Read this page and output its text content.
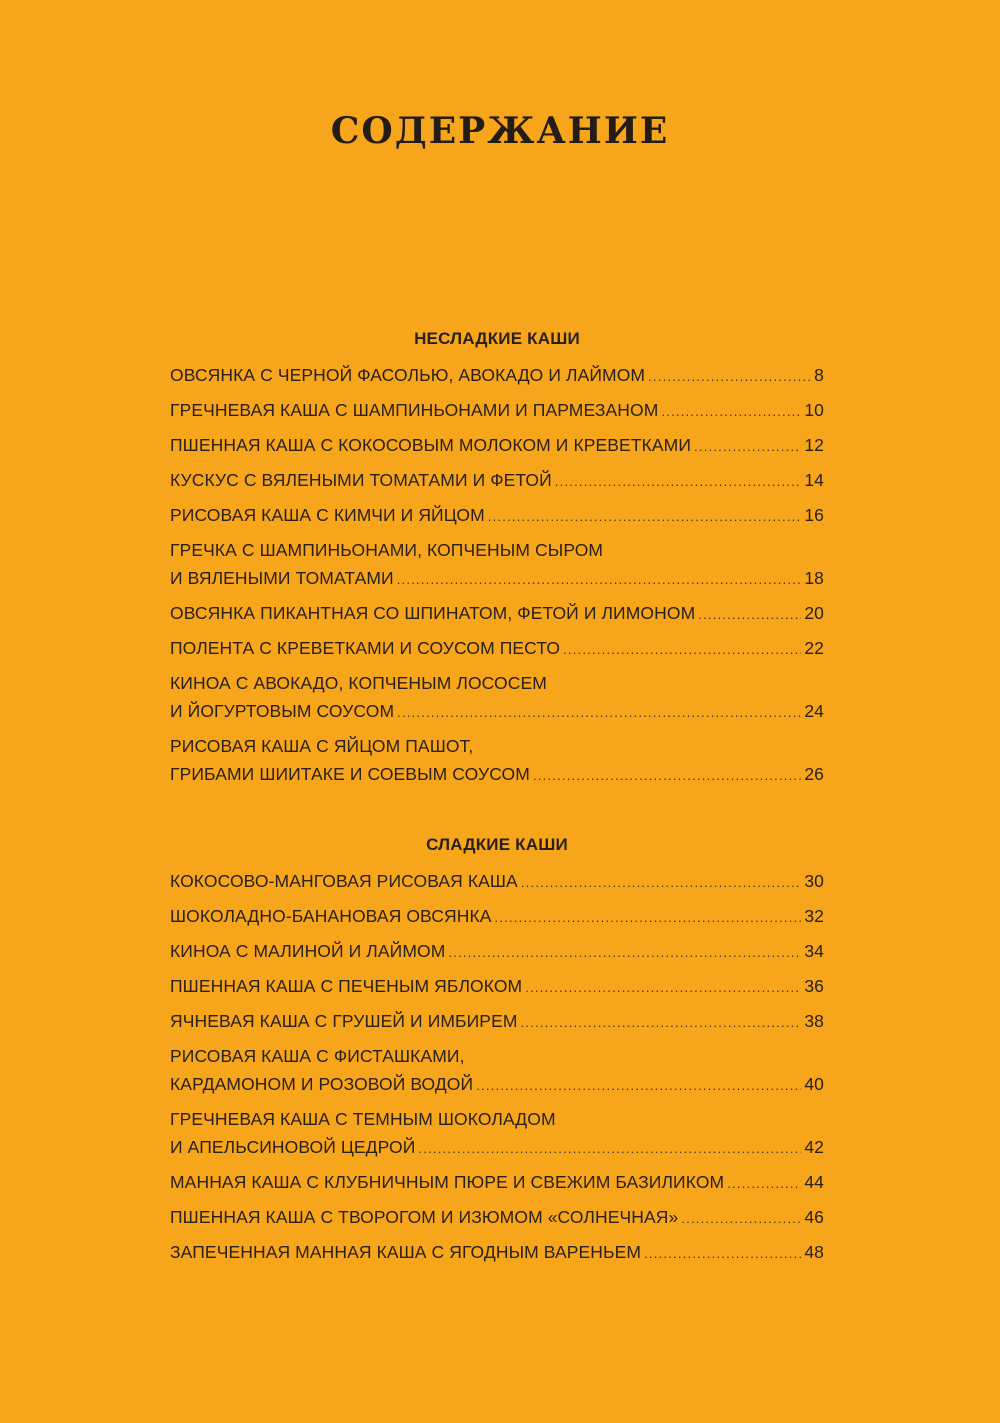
СОДЕРЖАНИЕ
НЕСЛАДКИЕ КАШИ
ОВСЯНКА С ЧЕРНОЙ ФАСОЛЬЮ, АВОКАДО И ЛАЙМОМ . . .	8
ГРЕЧНЕВАЯ КАША С ШАМПИНЬОНАМИ И ПАРМЕЗАНОМ . . .	10
ПШЕННАЯ КАША С КОКОСОВЫМ МОЛОКОМ И КРЕВЕТКАМИ . . .	12
КУСКУС С ВЯЛЕНЫМИ ТОМАТАМИ И ФЕТОЙ . . .	14
РИСОВАЯ КАША С КИМЧИ И ЯЙЦОМ . . .	16
ГРЕЧКА С ШАМПИНЬОНАМИ, КОПЧЕНЫМ СЫРОМ
И ВЯЛЕНЫМИ ТОМАТАМИ . . .	18
ОВСЯНКА ПИКАНТНАЯ СО ШПИНАТОМ, ФЕТОЙ И ЛИМОНОМ . . .	20
ПОЛЕНТА С КРЕВЕТКАМИ И СОУСОМ ПЕСТО . . .	22
КИНОА С АВОКАДО, КОПЧЕНЫМ ЛОСОСЕМ
И ЙОГУРТОВЫМ СОУСОМ . . .	24
РИСОВАЯ КАША С ЯЙЦОМ ПАШОТ,
ГРИБАМИ ШИИТАКЕ И СОЕВЫМ СОУСОМ . . .	26
СЛАДКИЕ КАШИ
КОКОСОВО-МАНГОВАЯ РИСОВАЯ КАША . . .	30
ШОКОЛАДНО-БАНАНОВАЯ ОВСЯНКА . . .	32
КИНОА С МАЛИНОЙ И ЛАЙМОМ . . .	34
ПШЕННАЯ КАША С ПЕЧЕНЫМ ЯБЛОКОМ . . .	36
ЯЧНЕВАЯ КАША С ГРУШЕЙ И ИМБИРЕМ . . .	38
РИСОВАЯ КАША С ФИСТАШКАМИ,
КАРДАМОНОМ И РОЗОВОЙ ВОДОЙ . . .	40
ГРЕЧНЕВАЯ КАША С ТЕМНЫМ ШОКОЛАДОМ
И АПЕЛЬСИНОВОЙ ЦЕДРОЙ . . .	42
МАННАЯ КАША С КЛУБНИЧНЫМ ПЮРЕ И СВЕЖИМ БАЗИЛИКОМ . . .	44
ПШЕННАЯ КАША С ТВОРОГОМ И ИЗЮМОМ «СОЛНЕЧНАЯ» . . .	46
ЗАПЕЧЕННАЯ МАННАЯ КАША С ЯГОДНЫМ ВАРЕНЬЕМ . . .	48
